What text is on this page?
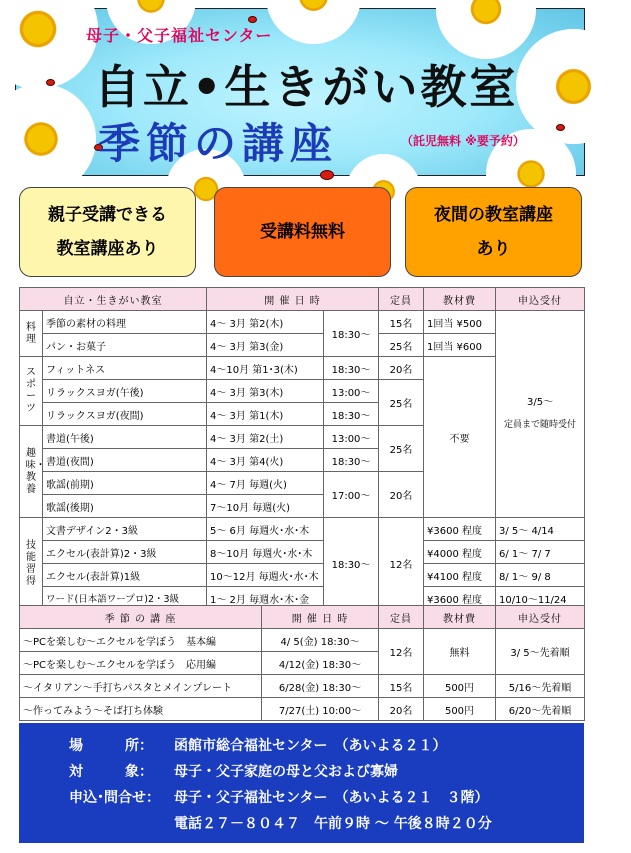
母子・父子福祉センター
自立•生きがい教室
季節の講座	（託児無料 ※要予約）
親子受講できる
教室講座あり
受講料無料
夜間の教室講座
あり
自立・生きがい教室		開 催 日 時		定員	教材費	申込受付	
料理	季節の素材の料理	4～ 3月 第2(木)	18:30～	15名	1回当 ¥500	3/5～
定員まで随時受付	

	パン・お菓子	4～ 3月 第3(金)		25名	1回当 ¥600		
スポーツ	フィットネス	4～10月 第1･3(木)	18:30～	20名	不要		
	リラックスヨガ(午後)	4～ 3月 第3(木)	13:00～	25名			
	リラックスヨガ(夜間)	4～ 3月 第1(木)	18:30～				
趣味・教養	書道(午後)	4～ 3月 第2(土)	13:00～	25名			
	書道(夜間)	4～ 3月 第4(火)	18:30～				
	歌謡(前期)	4～ 7月 毎週(火)	17:00～	20名			
	歌謡(後期)	7～10月 毎週(火)	
技能習得	文書デザイン2・3級	5～ 6月 毎週火･水･木	18:30～	12名	¥3600 程度	3/ 5～ 4/14	
	エクセル(表計算)2・3級	8～10月 毎週火･水･木			¥4000 程度	6/ 1～ 7/ 7	
	エクセル(表計算)1級	10～12月 毎週火･水･木			¥4100 程度	8/ 1～ 9/ 8	
	ワード(日本語ワープロ)2・3級	1～ 2月 毎週水･木･金			¥3600 程度	10/10～11/24	
季 節 の 講 座	開 催 日 時	定員	教材費	申込受付
～PCを楽しむ～エクセルを学ぼう　基本編	4/ 5(金) 18:30～	12名	無料	3/ 5～先着順
～PCを楽しむ～エクセルを学ぼう　応用編	4/12(金) 18:30～			
～イタリアン～手打ちパスタとメインプレート	6/28(金) 18:30～	15名	500円	5/16～先着順
～作ってみよう～そば打ち体験	7/27(土) 10:00～	20名	500円	6/20～先着順
場　　　所： 函館市総合福祉センター　（あいよる２１）
対　　　象： 母子・父子家庭の母と父および寡婦
申込･問合せ： 母子・父子福祉センター　（あいよる２１　３階）
電話２７－８０４７　午前９時 ～ 午後８時２０分
